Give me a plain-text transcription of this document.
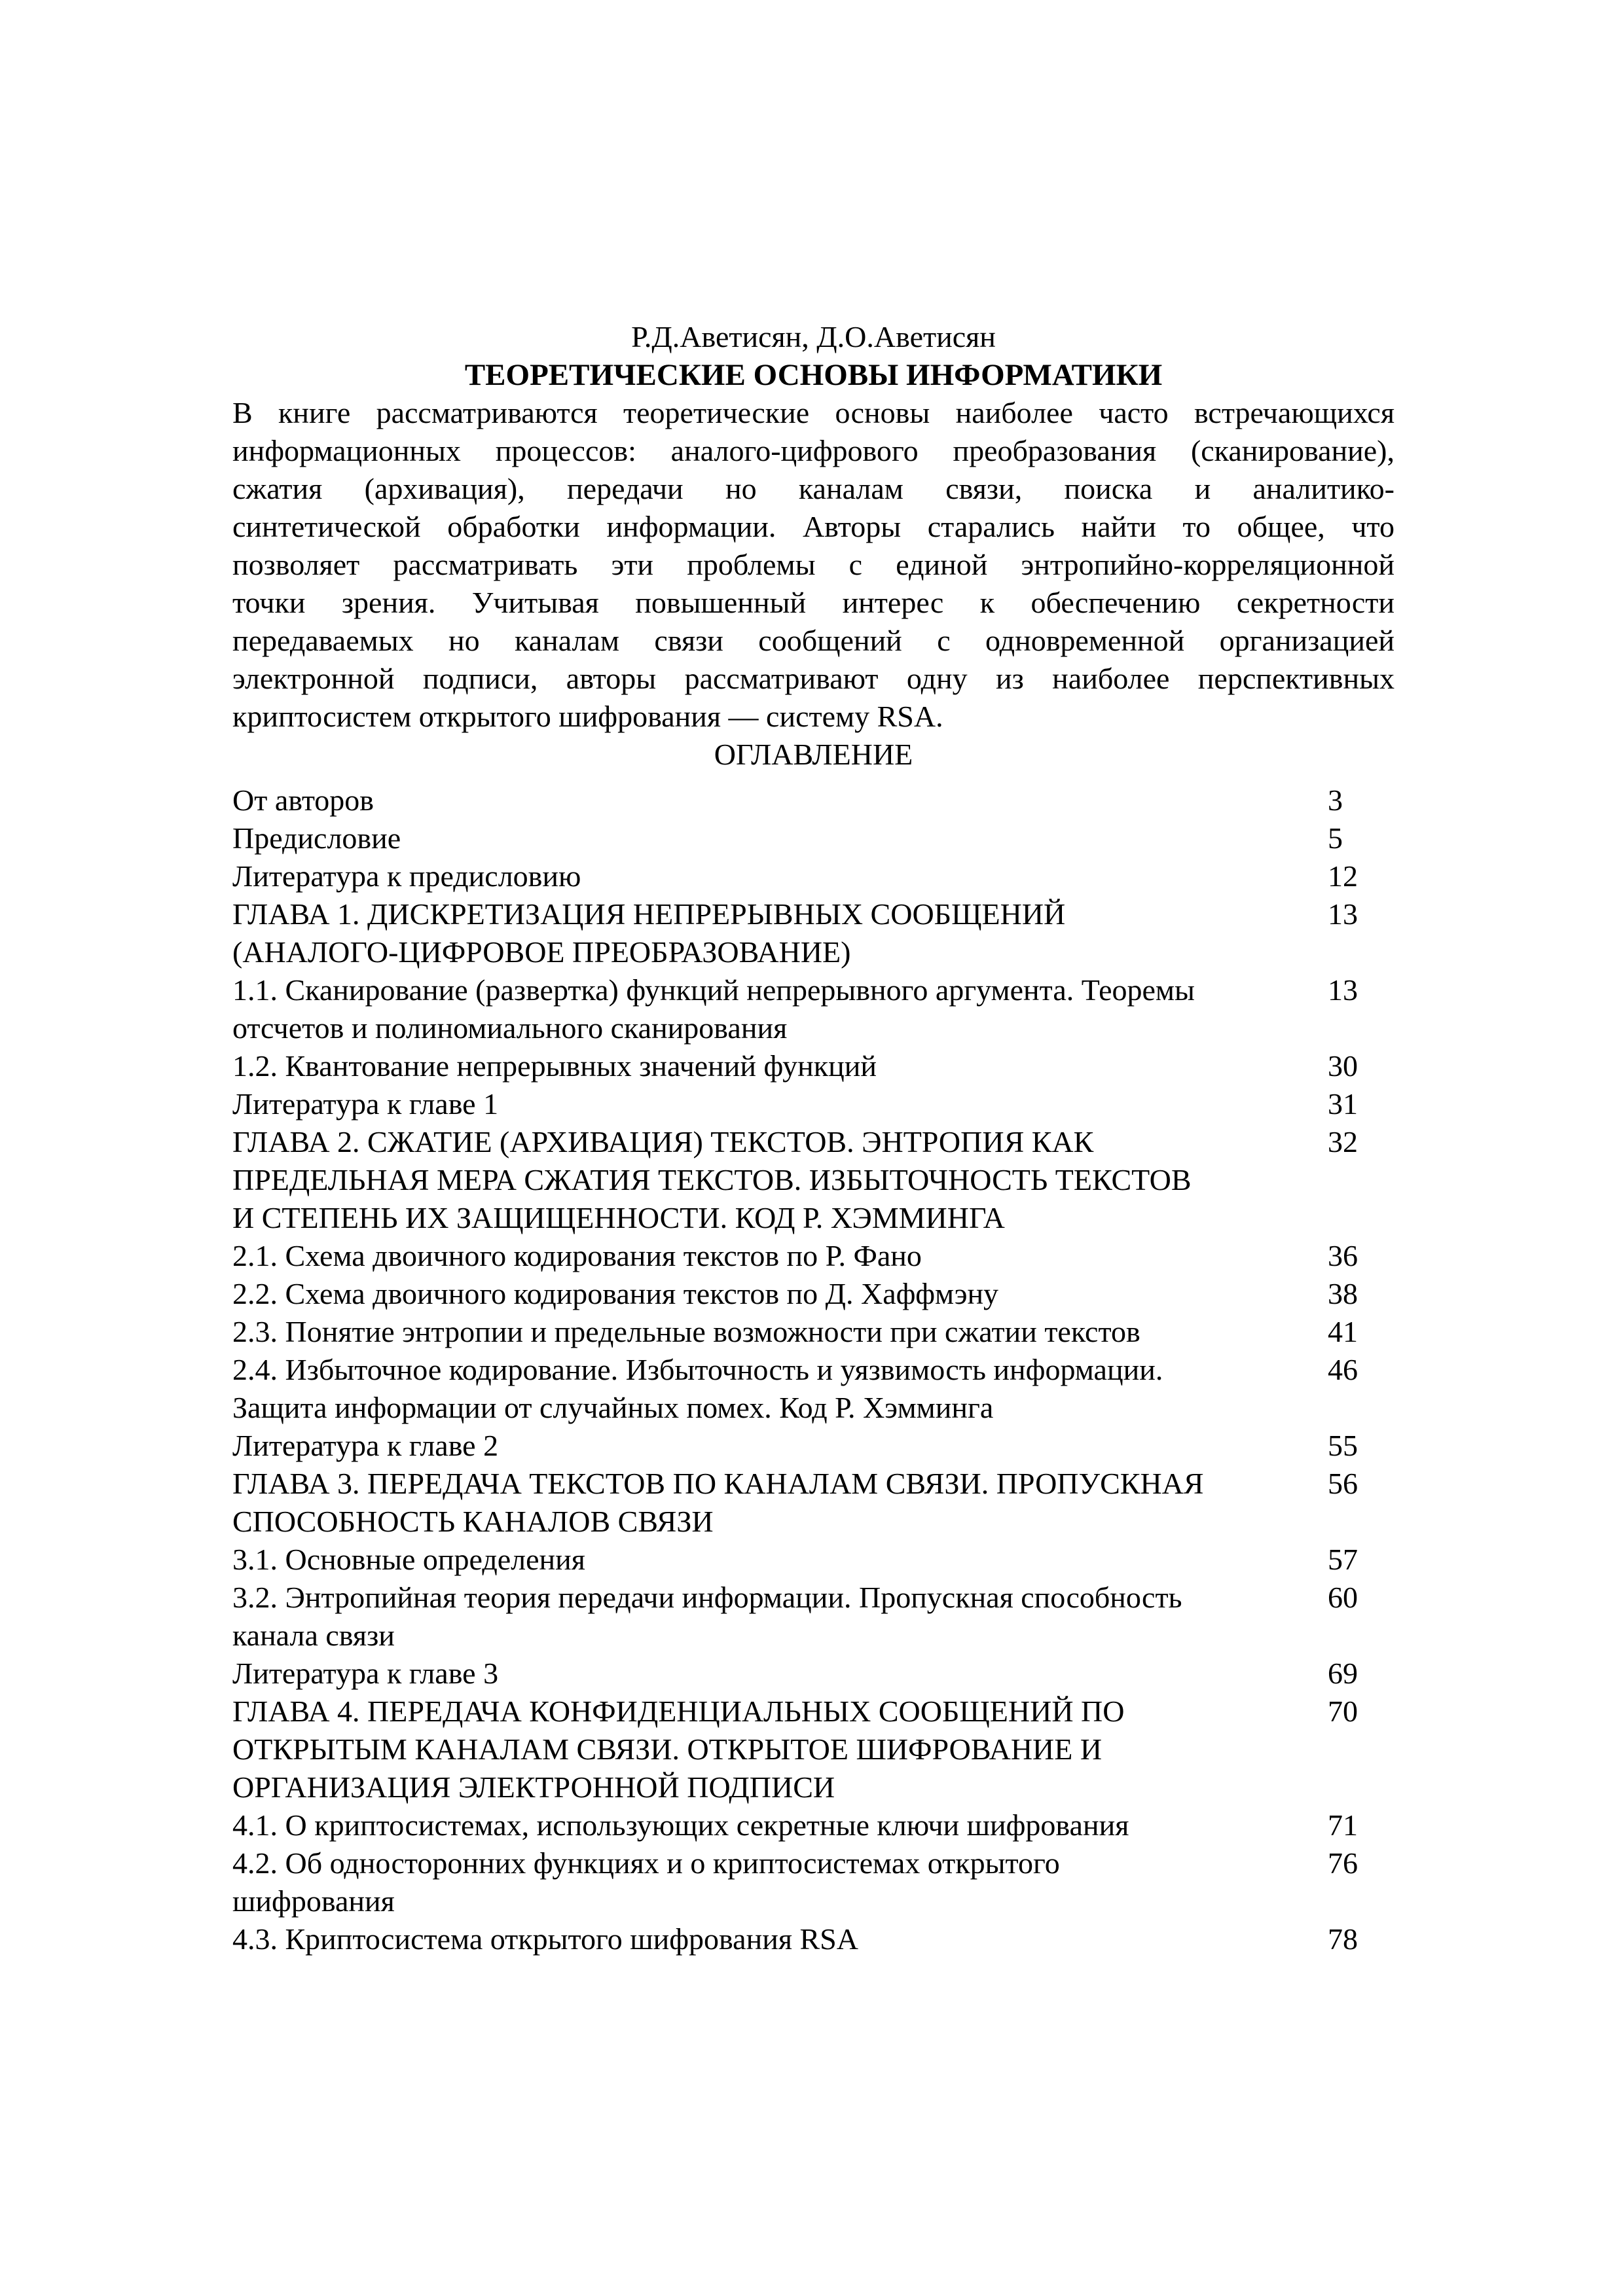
Р.Д.Аветисян, Д.О.Аветисян
ТЕОРЕТИЧЕСКИЕ ОСНОВЫ ИНФОРМАТИКИ
В книге рассматриваются теоретические основы наиболее часто встречающихся
информационных процессов: аналого-цифрового преобразования (сканирование),
сжатия (архивация), передачи но каналам связи, поиска и аналитико-
синтетической обработки информации. Авторы старались найти то общее, что
позволяет рассматривать эти проблемы с единой энтропийно-корреляционной
точки зрения. Учитывая повышенный интерес к обеспечению секретности
передаваемых но каналам связи сообщений с одновременной организацией
электронной подписи, авторы рассматривают одну из наиболее перспективных
криптосистем открытого шифрования — систему RSA.
ОГЛАВЛЕНИЕ
От авторов	3
Предисловие	5
Литература к предисловию	12
ГЛАВА 1. ДИСКРЕТИЗАЦИЯ НЕПРЕРЫВНЫХ СООБЩЕНИЙ	13
(АНАЛОГО-ЦИФРОВОЕ ПРЕОБРАЗОВАНИЕ)
1.1. Сканирование (развертка) функций непрерывного аргумента. Теоремы	13
отсчетов и полиномиального сканирования
1.2. Квантование непрерывных значений функций	30
Литература к главе 1	31
ГЛАВА 2. СЖАТИЕ (АРХИВАЦИЯ) ТЕКСТОВ. ЭНТРОПИЯ КАК	32
ПРЕДЕЛЬНАЯ МЕРА СЖАТИЯ ТЕКСТОВ. ИЗБЫТОЧНОСТЬ ТЕКСТОВ
И СТЕПЕНЬ ИХ ЗАЩИЩЕННОСТИ. КОД Р. ХЭММИНГА
2.1. Схема двоичного кодирования текстов по Р. Фано	36
2.2. Схема двоичного кодирования текстов по Д. Хаффмэну	38
2.3. Понятие энтропии и предельные возможности при сжатии текстов	41
2.4. Избыточное кодирование. Избыточность и уязвимость информации.	46
Защита информации от случайных помех. Код Р. Хэмминга
Литература к главе 2	55
ГЛАВА 3. ПЕРЕДАЧА ТЕКСТОВ ПО КАНАЛАМ СВЯЗИ. ПРОПУСКНАЯ	56
СПОСОБНОСТЬ КАНАЛОВ СВЯЗИ
3.1. Основные определения	57
3.2. Энтропийная теория передачи информации. Пропускная способность	60
канала связи
Литература к главе 3	69
ГЛАВА 4. ПЕРЕДАЧА КОНФИДЕНЦИАЛЬНЫХ СООБЩЕНИЙ ПО	70
ОТКРЫТЫМ КАНАЛАМ СВЯЗИ. ОТКРЫТОЕ ШИФРОВАНИЕ И
ОРГАНИЗАЦИЯ ЭЛЕКТРОННОЙ ПОДПИСИ
4.1. О криптосистемах, использующих секретные ключи шифрования	71
4.2. Об односторонних функциях и о криптосистемах открытого	76
шифрования
4.3. Криптосистема открытого шифрования RSA	78
